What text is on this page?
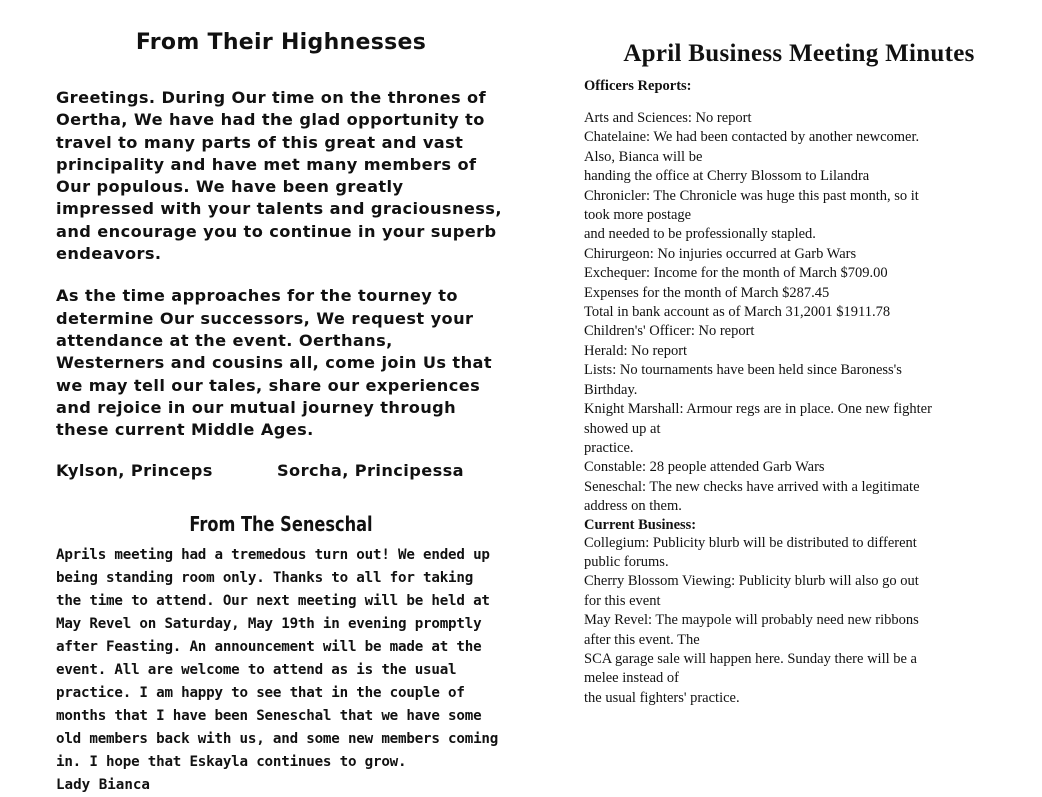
From Their Highnesses

Greetings. During Our time on the thrones of Oertha, We have had the glad opportunity to travel to many parts of this great and vast principality and have met many members of Our populous. We have been greatly impressed with your talents and graciousness, and encourage you to continue in your superb endeavors.

As the time approaches for the tourney to determine Our successors, We request your attendance at the event. Oerthans, Westerners and cousins all, come join Us that we may tell our tales, share our experiences and rejoice in our mutual journey through these current Middle Ages.

Kylson, Princeps	Sorcha, Principessa
From The Seneschal

Aprils meeting had a tremedous turn out! We ended up being standing room only. Thanks to all for taking the time to attend. Our next meeting will be held at May Revel on Saturday, May 19th in evening promptly after Feasting. An announcement will be made at the event. All are welcome to attend as is the usual practice. I am happy to see that in the couple of months that I have been Seneschal that we have some old members back with us, and some new members coming in. I hope that Eskayla continues to grow.

Lady Bianca

April Business Meeting Minutes

Officers Reports:

Arts and Sciences: No report

Chatelaine: We had been contacted by another newcomer.

Also, Bianca will be

handing the office at Cherry Blossom to Lilandra

Chronicler: The Chronicle was huge this past month, so it

took more postage

and needed to be professionally stapled.

Chirurgeon: No injuries occurred at Garb Wars

Exchequer: Income for the month of March $709.00

Expenses for the month of March $287.45

Total in bank account as of March 31,2001 $1911.78

Children's' Officer: No report

Herald: No report

Lists: No tournaments have been held since Baroness's

Birthday.

Knight Marshall: Armour regs are in place. One new fighter

showed up at

practice.

Constable: 28 people attended Garb Wars

Seneschal: The new checks have arrived with a legitimate

address on them.

Current Business:

Collegium: Publicity blurb will be distributed to different

public forums.

Cherry Blossom Viewing: Publicity blurb will also go out

for this event

May Revel: The maypole will probably need new ribbons

after this event. The

SCA garage sale will happen here. Sunday there will be a

melee instead of

the usual fighters' practice.
